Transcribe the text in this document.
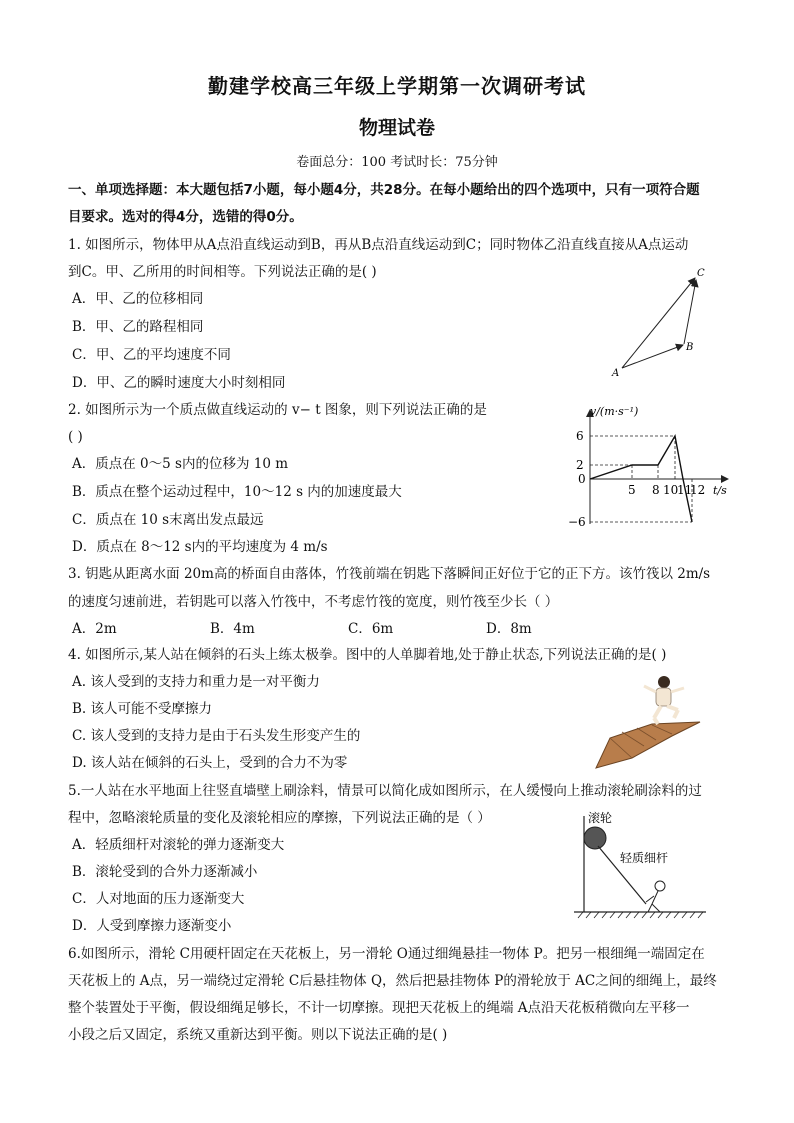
勤建学校高三年级上学期第一次调研考试
物理试卷
卷面总分：100 考试时长：75分钟
一、单项选择题：本大题包括7小题，每小题4分，共28分。在每小题给出的四个选项中，只有一项符合题
目要求。选对的得4分，选错的得0分。
1. 如图所示，物体甲从A点沿直线运动到B，再从B点沿直线运动到C；同时物体乙沿直线直接从A点运动
到C。甲、乙所用的时间相等。下列说法正确的是( )
A．甲、乙的位移相同
B．甲、乙的路程相同
C．甲、乙的平均速度不同
D．甲、乙的瞬时速度大小时刻相同
A
B
C
2. 如图所示为一个质点做直线运动的 v− t 图象，则下列说法正确的是
( )
A．质点在 0～5 s内的位移为 10 m
B．质点在整个运动过程中，10～12 s 内的加速度最大
C．质点在 10 s末离出发点最远
D．质点在 8～12 s内的平均速度为 4 m/s
v/(m·s⁻¹)
t/s
6
2
0
−6
5 8 10
11
12
3. 钥匙从距离水面 20m高的桥面自由落体，竹筏前端在钥匙下落瞬间正好位于它的正下方。该竹筏以 2m/s
的速度匀速前进，若钥匙可以落入竹筏中，不考虑竹筏的宽度，则竹筏至少长（ ）
A．2m	B．4m	C．6m	D．8m
4. 如图所示,某人站在倾斜的石头上练太极拳。图中的人单脚着地,处于静止状态,下列说法正确的是( )
A. 该人受到的支持力和重力是一对平衡力
B. 该人可能不受摩擦力
C. 该人受到的支持力是由于石头发生形变产生的
D. 该人站在倾斜的石头上，受到的合力不为零
5.一人站在水平地面上往竖直墙壁上刷涂料，情景可以简化成如图所示，在人缓慢向上推动滚轮刷涂料的过
程中，忽略滚轮质量的变化及滚轮相应的摩擦，下列说法正确的是（ ）
A．轻质细杆对滚轮的弹力逐渐变大
B．滚轮受到的合外力逐渐减小
C．人对地面的压力逐渐变大
D．人受到摩擦力逐渐变小
滚轮
轻质细杆
6.如图所示，滑轮 C用硬杆固定在天花板上，另一滑轮 O通过细绳悬挂一物体 P。把另一根细绳一端固定在
天花板上的 A点，另一端绕过定滑轮 C后悬挂物体 Q，然后把悬挂物体 P的滑轮放于 AC之间的细绳上，最终
整个装置处于平衡，假设细绳足够长，不计一切摩擦。现把天花板上的绳端 A点沿天花板稍微向左平移一
小段之后又固定，系统又重新达到平衡。则以下说法正确的是( )
